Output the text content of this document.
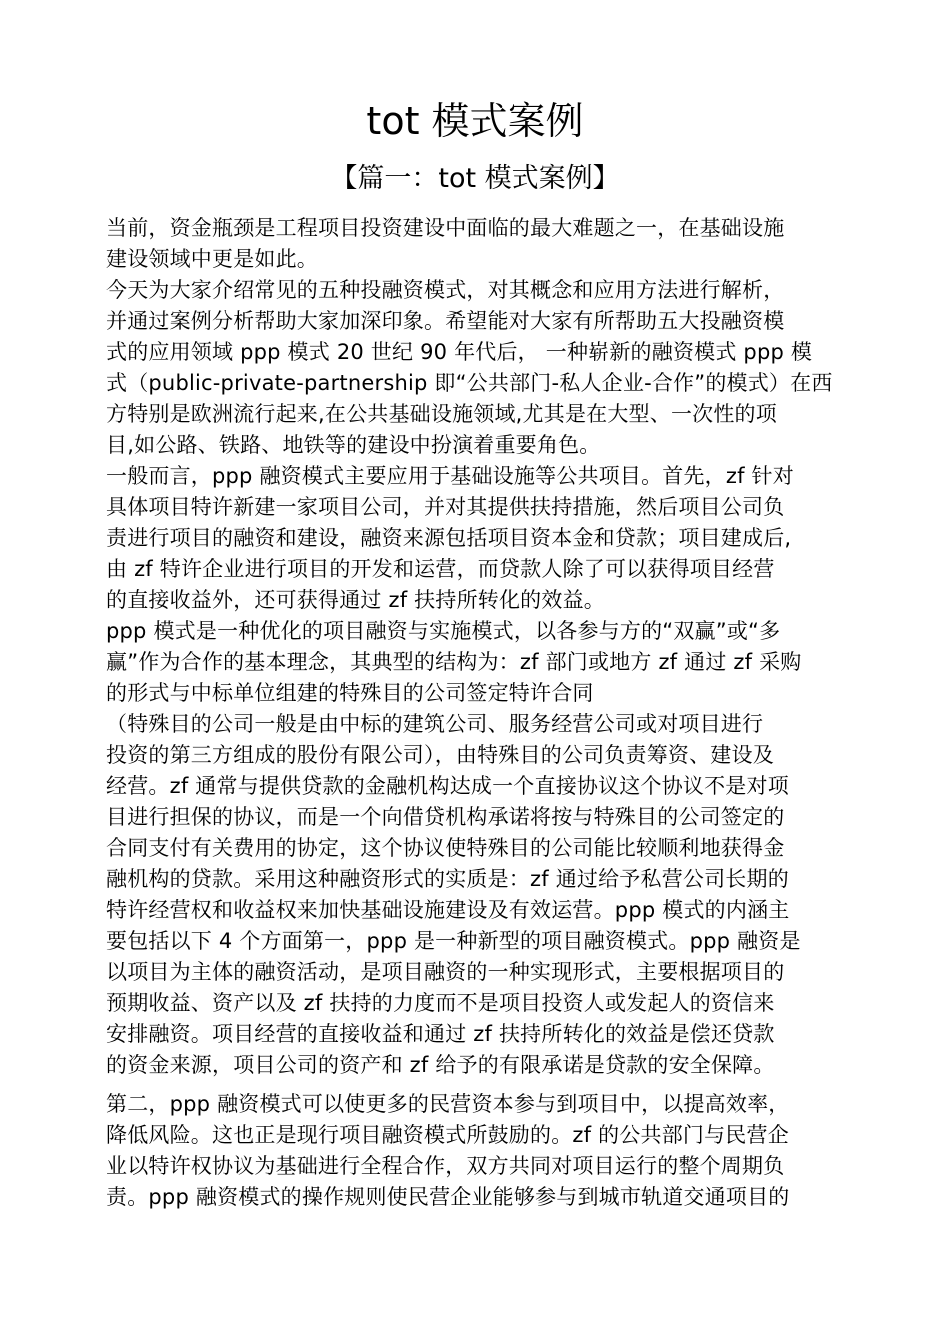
tot 模式案例
【篇一：tot 模式案例】
当前，资金瓶颈是工程项目投资建设中面临的最大难题之一，在基础设施
建设领域中更是如此。
今天为大家介绍常见的五种投融资模式，对其概念和应用方法进行解析，
并通过案例分析帮助大家加深印象。希望能对大家有所帮助五大投融资模
式的应用领域 ppp 模式 20 世纪 90 年代后， 一种崭新的融资模式 ppp 模
式（public-private-partnership 即“公共部门-私人企业-合作”的模式）在西
方特别是欧洲流行起来,在公共基础设施领域,尤其是在大型、一次性的项
目,如公路、铁路、地铁等的建设中扮演着重要角色。
一般而言，ppp 融资模式主要应用于基础设施等公共项目。首先，zf 针对
具体项目特许新建一家项目公司，并对其提供扶持措施，然后项目公司负
责进行项目的融资和建设，融资来源包括项目资本金和贷款；项目建成后,
由 zf 特许企业进行项目的开发和运营，而贷款人除了可以获得项目经营
的直接收益外，还可获得通过 zf 扶持所转化的效益。
ppp 模式是一种优化的项目融资与实施模式，以各参与方的“双赢”或“多
赢”作为合作的基本理念，其典型的结构为：zf 部门或地方 zf 通过 zf 采购
的形式与中标单位组建的特殊目的公司签定特许合同
（特殊目的公司一般是由中标的建筑公司、服务经营公司或对项目进行
投资的第三方组成的股份有限公司），由特殊目的公司负责筹资、建设及
经营。zf 通常与提供贷款的金融机构达成一个直接协议这个协议不是对项
目进行担保的协议，而是一个向借贷机构承诺将按与特殊目的公司签定的
合同支付有关费用的协定，这个协议使特殊目的公司能比较顺利地获得金
融机构的贷款。采用这种融资形式的实质是：zf 通过给予私营公司长期的
特许经营权和收益权来加快基础设施建设及有效运营。ppp 模式的内涵主
要包括以下 4 个方面第一，ppp 是一种新型的项目融资模式。ppp 融资是
以项目为主体的融资活动，是项目融资的一种实现形式，主要根据项目的
预期收益、资产以及 zf 扶持的力度而不是项目投资人或发起人的资信来
安排融资。项目经营的直接收益和通过 zf 扶持所转化的效益是偿还贷款
的资金来源，项目公司的资产和 zf 给予的有限承诺是贷款的安全保障。
第二，ppp 融资模式可以使更多的民营资本参与到项目中，以提高效率，
降低风险。这也正是现行项目融资模式所鼓励的。zf 的公共部门与民营企
业以特许权协议为基础进行全程合作，双方共同对项目运行的整个周期负
责。ppp 融资模式的操作规则使民营企业能够参与到城市轨道交通项目的
